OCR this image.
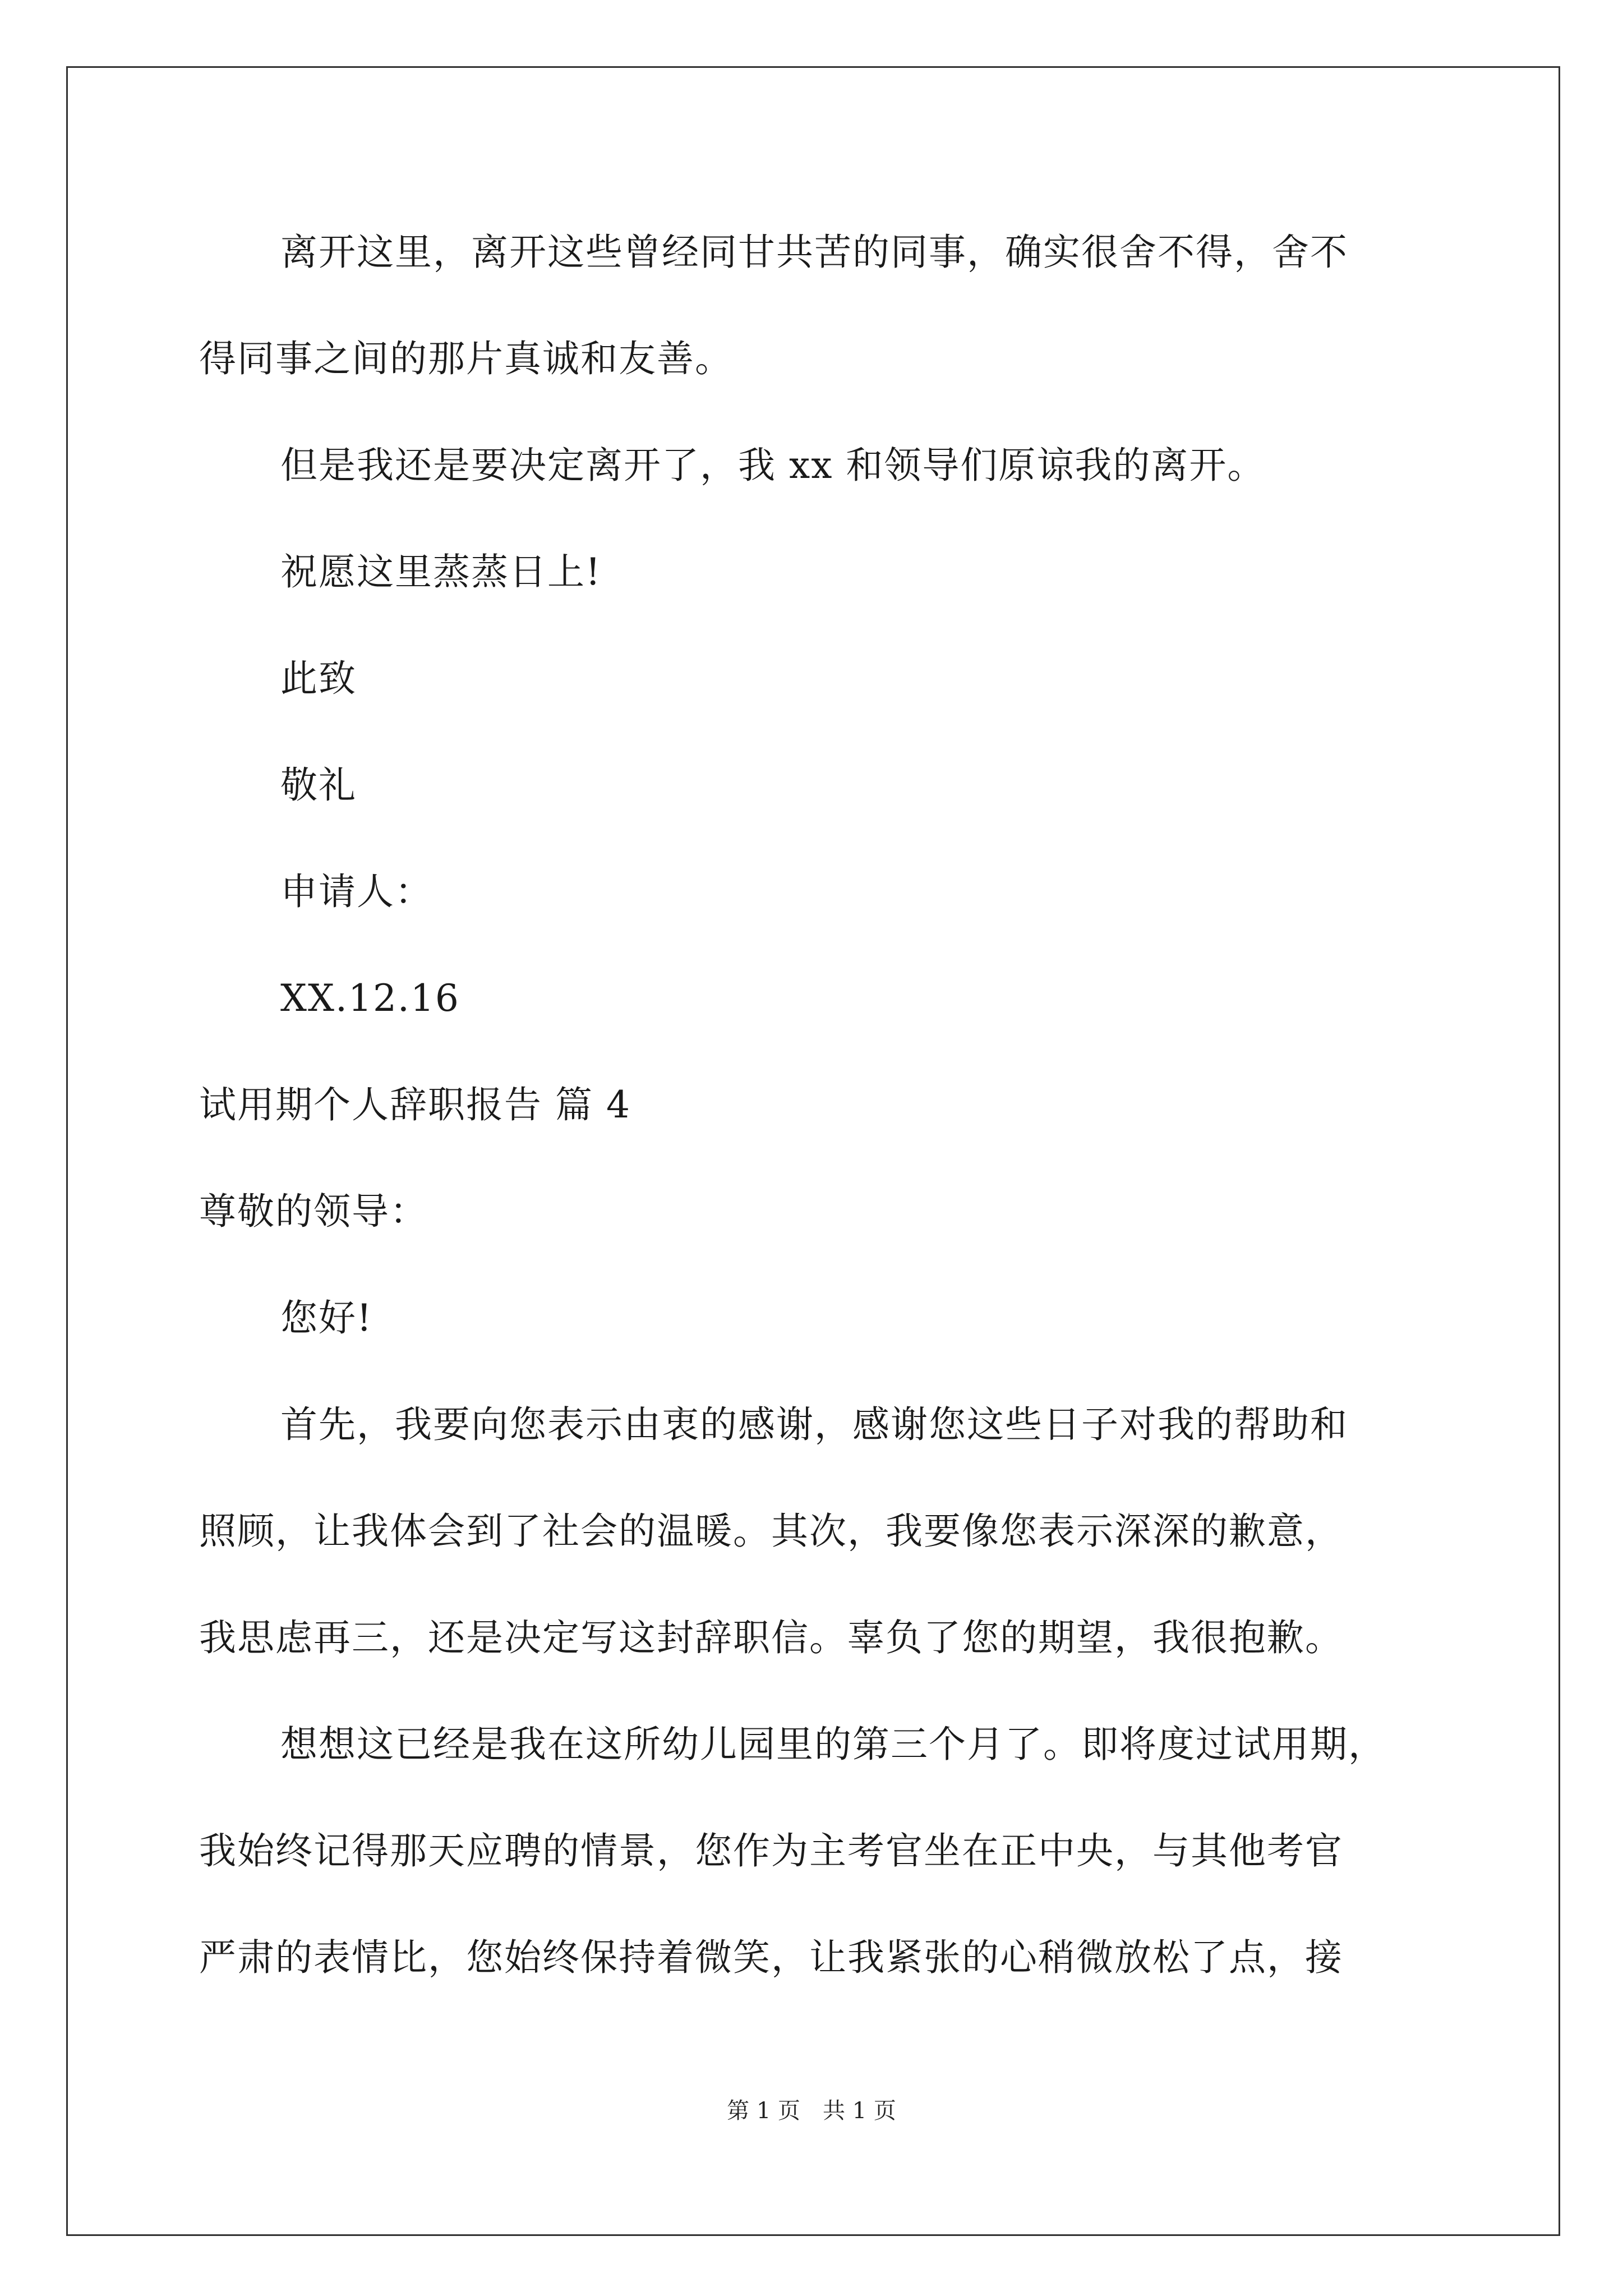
离开这里，离开这些曾经同甘共苦的同事，确实很舍不得，舍不
得同事之间的那片真诚和友善。
但是我还是要决定离开了，我 xx 和领导们原谅我的离开。
祝愿这里蒸蒸日上!
此致
敬礼
申请人：
XX.12.16
试用期个人辞职报告 篇 4
尊敬的领导：
您好!
首先，我要向您表示由衷的感谢，感谢您这些日子对我的帮助和
照顾，让我体会到了社会的温暖。其次，我要像您表示深深的歉意，
我思虑再三，还是决定写这封辞职信。辜负了您的期望，我很抱歉。
想想这已经是我在这所幼儿园里的第三个月了。即将度过试用期，
我始终记得那天应聘的情景，您作为主考官坐在正中央，与其他考官
严肃的表情比，您始终保持着微笑，让我紧张的心稍微放松了点，接
第 1 页　共 1 页
